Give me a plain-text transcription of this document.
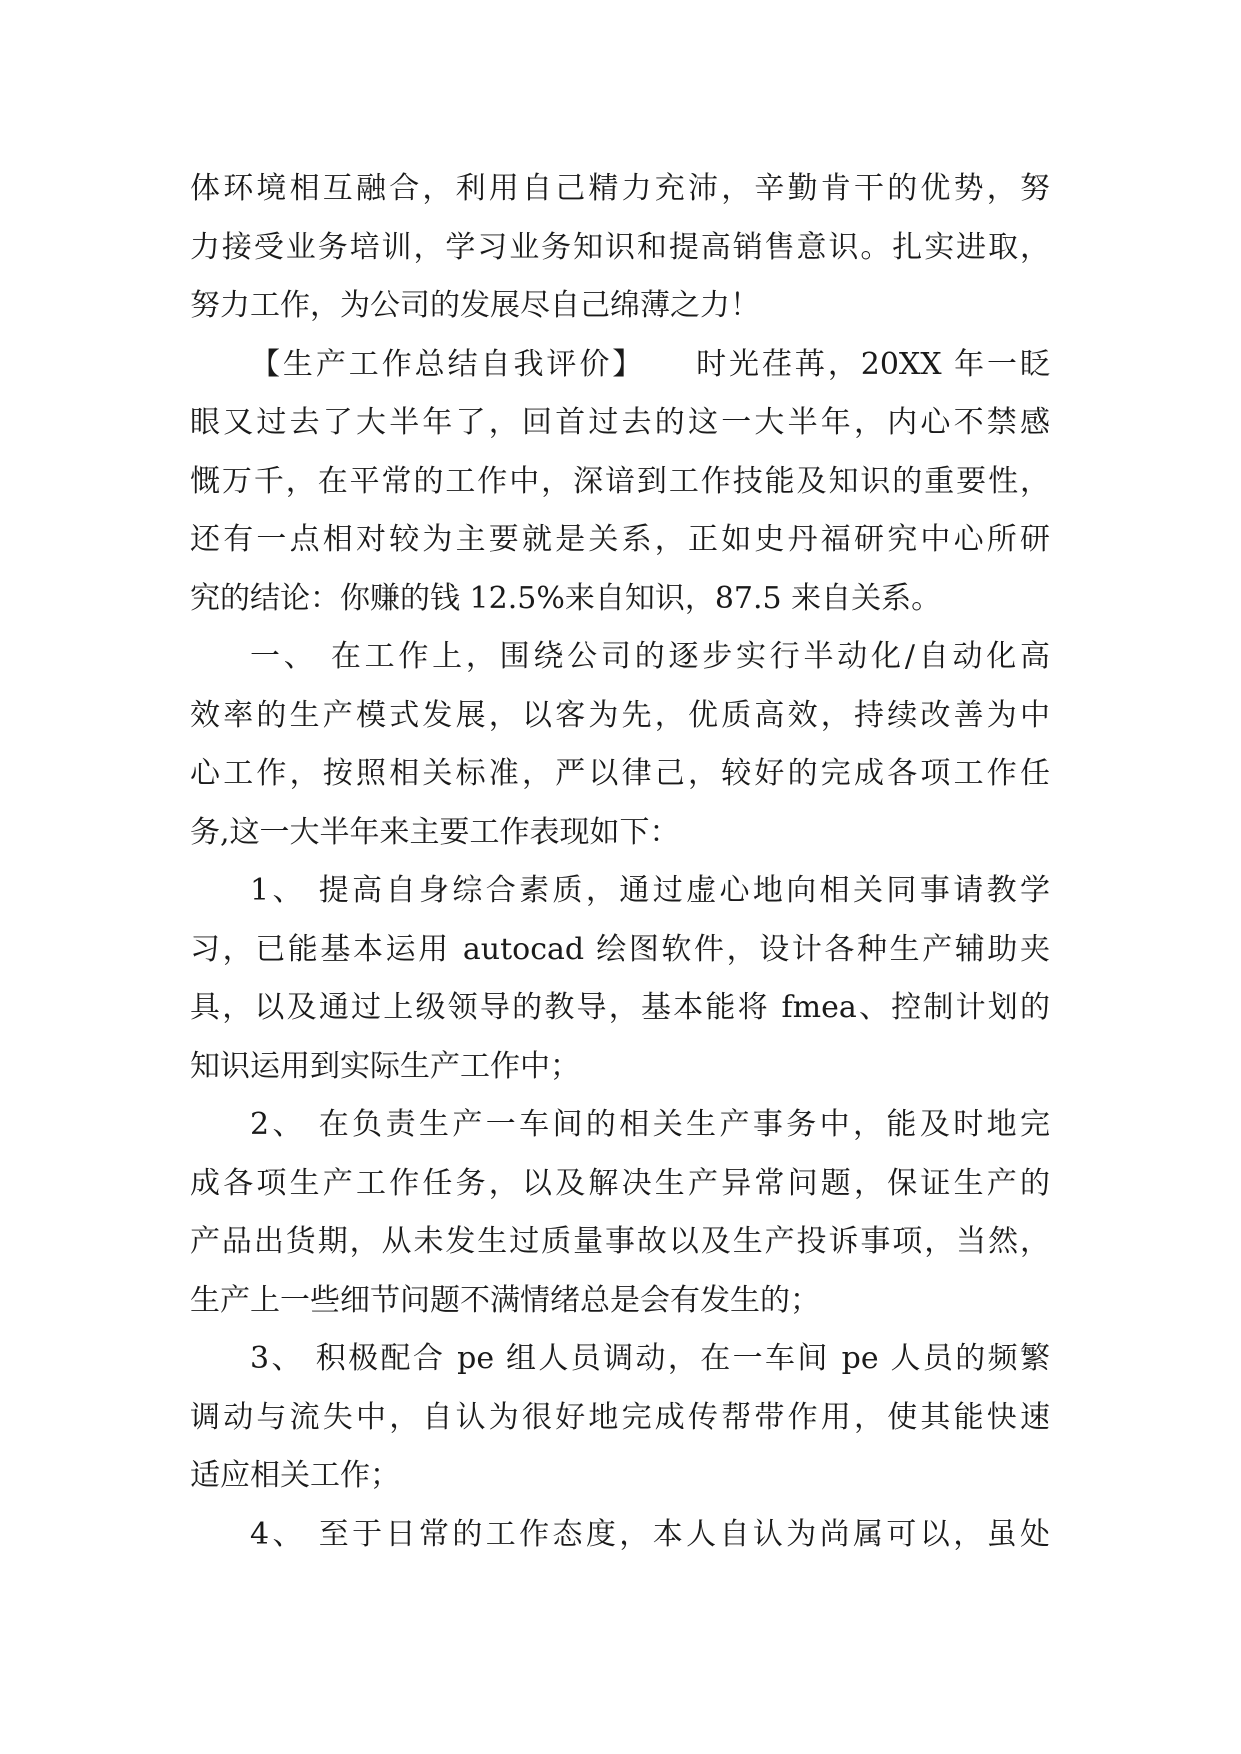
体环境相互融合，利用自己精力充沛，辛勤肯干的优势，努
力接受业务培训，学习业务知识和提高销售意识。扎实进取，
努力工作，为公司的发展尽自己绵薄之力！
【生产工作总结自我评价】　　时光荏苒，20XX 年一眨
眼又过去了大半年了，回首过去的这一大半年，内心不禁感
慨万千，在平常的工作中，深谙到工作技能及知识的重要性，
还有一点相对较为主要就是关系，正如史丹福研究中心所研
究的结论：你赚的钱 12.5%来自知识，87.5 来自关系。
一、 在工作上，围绕公司的逐步实行半动化/自动化高
效率的生产模式发展，以客为先，优质高效，持续改善为中
心工作，按照相关标准，严以律己，较好的完成各项工作任
务,这一大半年来主要工作表现如下：
1、 提高自身综合素质，通过虚心地向相关同事请教学
习，已能基本运用 autocad 绘图软件，设计各种生产辅助夹
具，以及通过上级领导的教导，基本能将 fmea、控制计划的
知识运用到实际生产工作中；
2、 在负责生产一车间的相关生产事务中，能及时地完
成各项生产工作任务，以及解决生产异常问题，保证生产的
产品出货期，从未发生过质量事故以及生产投诉事项，当然，
生产上一些细节问题不满情绪总是会有发生的；
3、 积极配合 pe 组人员调动，在一车间 pe 人员的频繁
调动与流失中，自认为很好地完成传帮带作用，使其能快速
适应相关工作；
4、 至于日常的工作态度，本人自认为尚属可以，虽处
